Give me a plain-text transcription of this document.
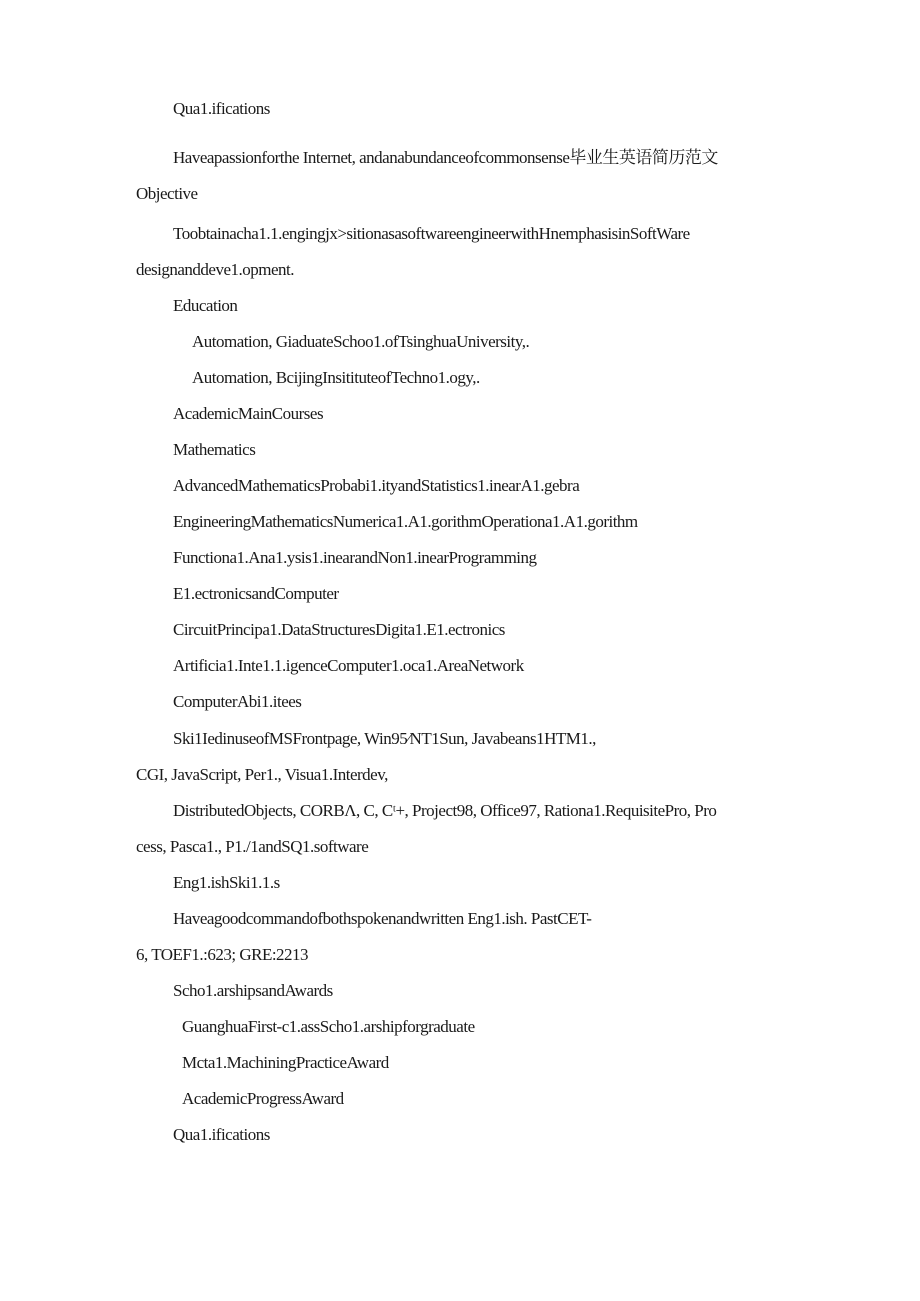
Qua1.ifications
Haveapassionforthe Internet, andanabundanceofcommonsense毕业生英语简历范文
Objective
Toobtainacha1.1.engingjx>sitionasasoftwareengineerwithHnemphasisinSoftWare
designanddeve1.opment.
Education
Automation, GiaduateSchoo1.ofTsinghuaUniversity,.
Automation, BcijingInsitituteofTechno1.ogy,.
AcademicMainCourses
Mathematics
AdvancedMathematicsProbabi1.ityandStatistics1.inearA1.gebra
EngineeringMathematicsNumerica1.A1.gorithmOperationa1.A1.gorithm
Functiona1.Ana1.ysis1.inearandNon1.inearProgramming
E1.ectronicsandComputer
CircuitPrincipa1.DataStructuresDigita1.E1.ectronics
Artificia1.Inte1.1.igenceComputer1.oca1.AreaNetwork
ComputerAbi1.itees
Ski1IedinuseofMSFrontpage, Win95⁄NT1Sun, Javabeans1HTM1.,
CGI, JavaScript, Per1., Visua1.Interdev,
DistributedObjects, CORBΛ, C, Cᵗ+, Project98, Office97, Rationa1.RequisitePro, Pro
cess, Pasca1., P1./1andSQ1.software
Eng1.ishSki1.1.s
Haveagoodcommandofbothspokenandwritten Eng1.ish. PastCET-
6, TOEF1.:623; GRE:2213
Scho1.arshipsandAwards
GuanghuaFirst-c1.assScho1.arshipforgraduate
Mcta1.MachiningPracticeAward
AcademicProgressAward
Qua1.ifications
